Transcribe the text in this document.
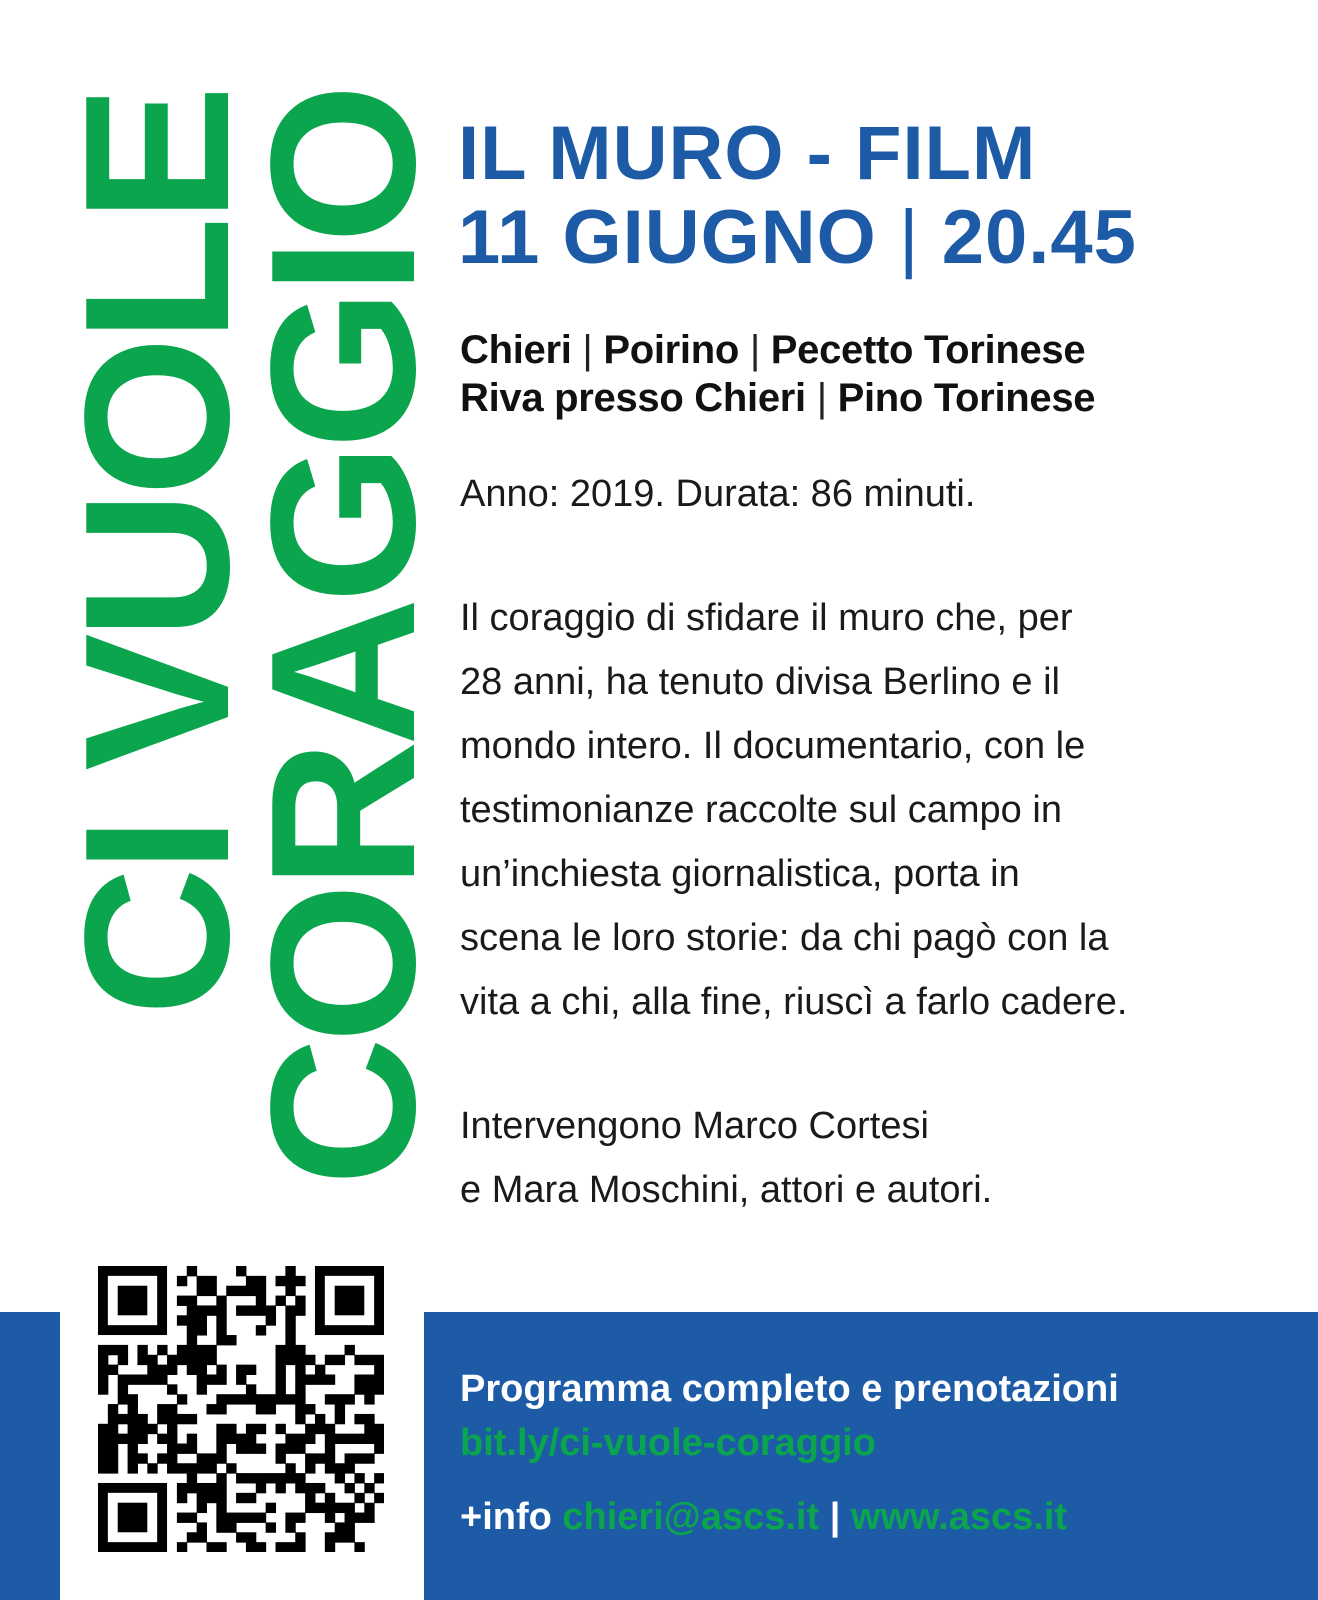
CI VUOLE
CORAGGIO IL MURO - FILM
11 GIUGNO | 20.45
Chieri | Poirino | Pecetto Torinese
Riva presso Chieri | Pino Torinese
Anno: 2019. Durata: 86 minuti.
Il coraggio di sfidare il muro che, per
28 anni, ha tenuto divisa Berlino e il
mondo intero. Il documentario, con le
testimonianze raccolte sul campo in
un’inchiesta giornalistica, porta in
scena le loro storie: da chi pagò con la
vita a chi, alla fine, riuscì a farlo cadere.
Intervengono Marco Cortesi
e Mara Moschini, attori e autori.
Programma completo e prenotazioni
bit.ly/ci-vuole-coraggio
+info chieri@ascs.it | www.ascs.it
